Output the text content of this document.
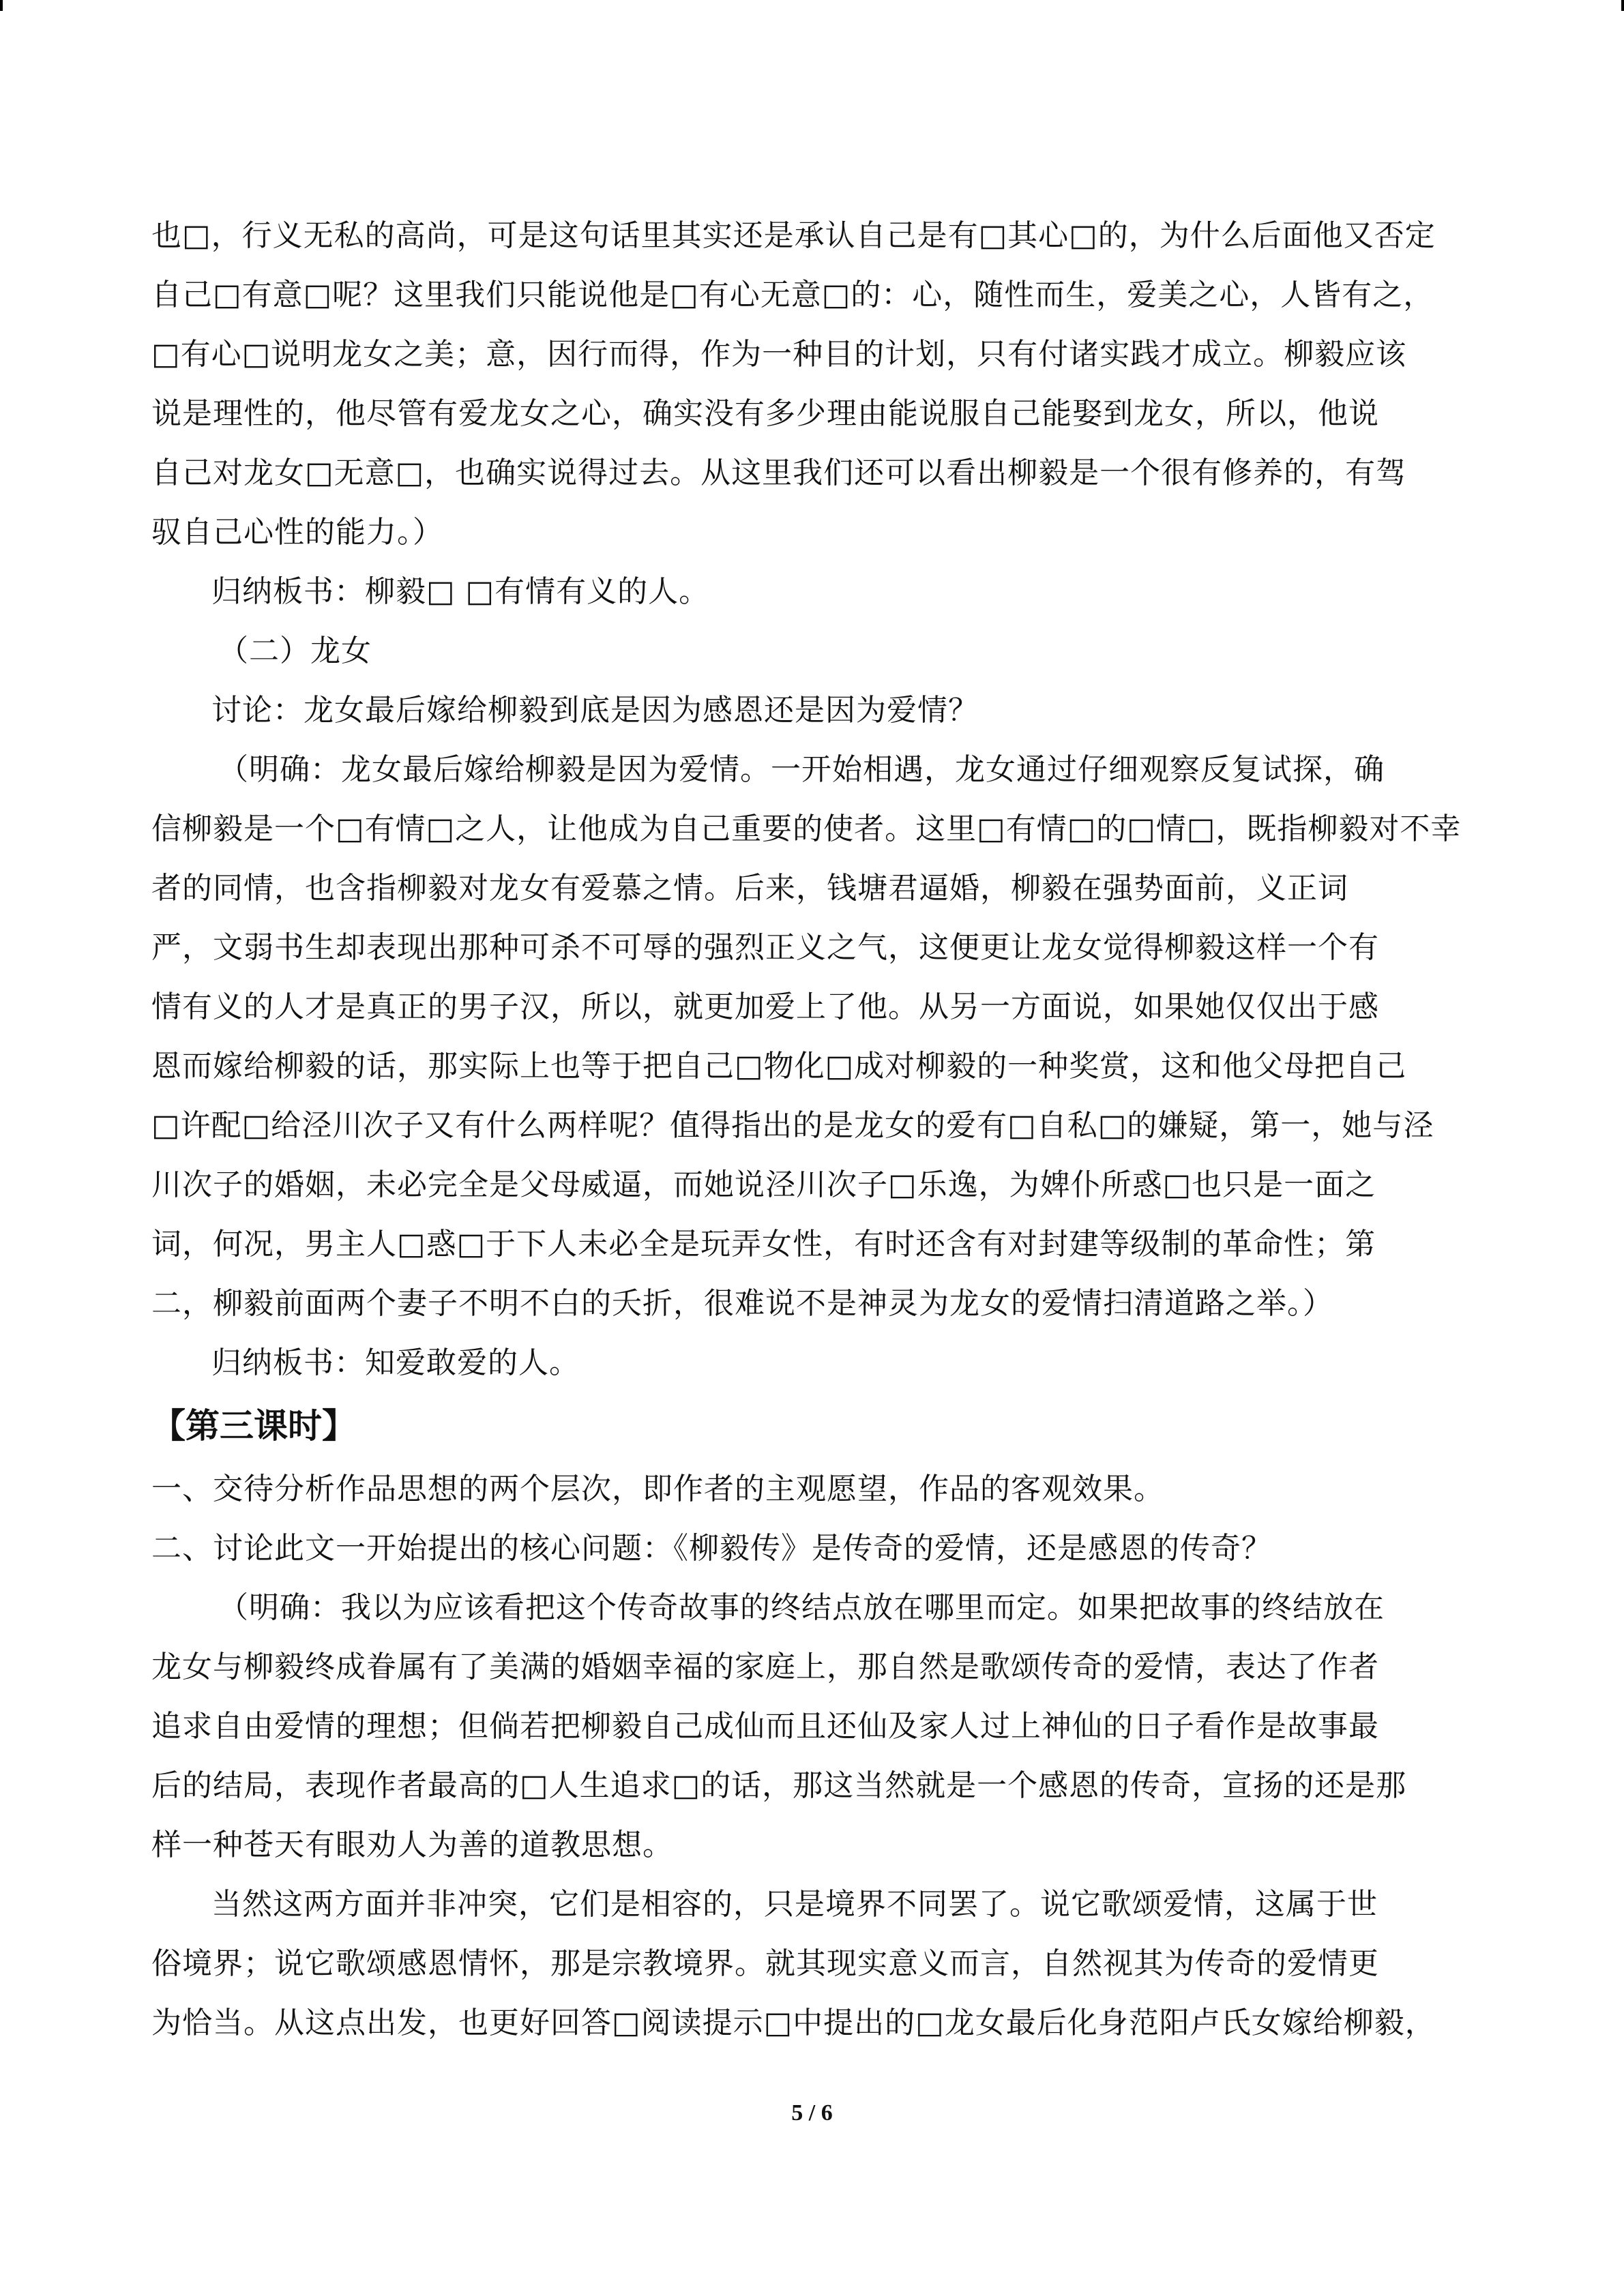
也□，行义无私的高尚，可是这句话里其实还是承认自己是有□其心□的，为什么后面他又否定
自己□有意□呢？这里我们只能说他是□有心无意□的：心，随性而生，爱美之心，人皆有之，
□有心□说明龙女之美；意，因行而得，作为一种目的计划，只有付诸实践才成立。柳毅应该
说是理性的，他尽管有爱龙女之心，确实没有多少理由能说服自己能娶到龙女，所以，他说
自己对龙女□无意□，也确实说得过去。从这里我们还可以看出柳毅是一个很有修养的，有驾
驭自己心性的能力。）
归纳板书：柳毅□ □有情有义的人。
（二）龙女
讨论：龙女最后嫁给柳毅到底是因为感恩还是因为爱情？
（明确：龙女最后嫁给柳毅是因为爱情。一开始相遇，龙女通过仔细观察反复试探，确
信柳毅是一个□有情□之人，让他成为自己重要的使者。这里□有情□的□情□，既指柳毅对不幸
者的同情，也含指柳毅对龙女有爱慕之情。后来，钱塘君逼婚，柳毅在强势面前，义正词
严，文弱书生却表现出那种可杀不可辱的强烈正义之气，这便更让龙女觉得柳毅这样一个有
情有义的人才是真正的男子汉，所以，就更加爱上了他。从另一方面说，如果她仅仅出于感
恩而嫁给柳毅的话，那实际上也等于把自己□物化□成对柳毅的一种奖赏，这和他父母把自己
□许配□给泾川次子又有什么两样呢？值得指出的是龙女的爱有□自私□的嫌疑，第一，她与泾
川次子的婚姻，未必完全是父母威逼，而她说泾川次子□乐逸，为婢仆所惑□也只是一面之
词，何况，男主人□惑□于下人未必全是玩弄女性，有时还含有对封建等级制的革命性；第
二，柳毅前面两个妻子不明不白的夭折，很难说不是神灵为龙女的爱情扫清道路之举。）
归纳板书：知爱敢爱的人。
【第三课时】
一、交待分析作品思想的两个层次，即作者的主观愿望，作品的客观效果。
二、讨论此文一开始提出的核心问题：《柳毅传》是传奇的爱情，还是感恩的传奇？
（明确：我以为应该看把这个传奇故事的终结点放在哪里而定。如果把故事的终结放在
龙女与柳毅终成眷属有了美满的婚姻幸福的家庭上，那自然是歌颂传奇的爱情，表达了作者
追求自由爱情的理想；但倘若把柳毅自己成仙而且还仙及家人过上神仙的日子看作是故事最
后的结局，表现作者最高的□人生追求□的话，那这当然就是一个感恩的传奇，宣扬的还是那
样一种苍天有眼劝人为善的道教思想。
当然这两方面并非冲突，它们是相容的，只是境界不同罢了。说它歌颂爱情，这属于世
俗境界；说它歌颂感恩情怀，那是宗教境界。就其现实意义而言，自然视其为传奇的爱情更
为恰当。从这点出发，也更好回答□阅读提示□中提出的□龙女最后化身范阳卢氏女嫁给柳毅，
5 / 6
